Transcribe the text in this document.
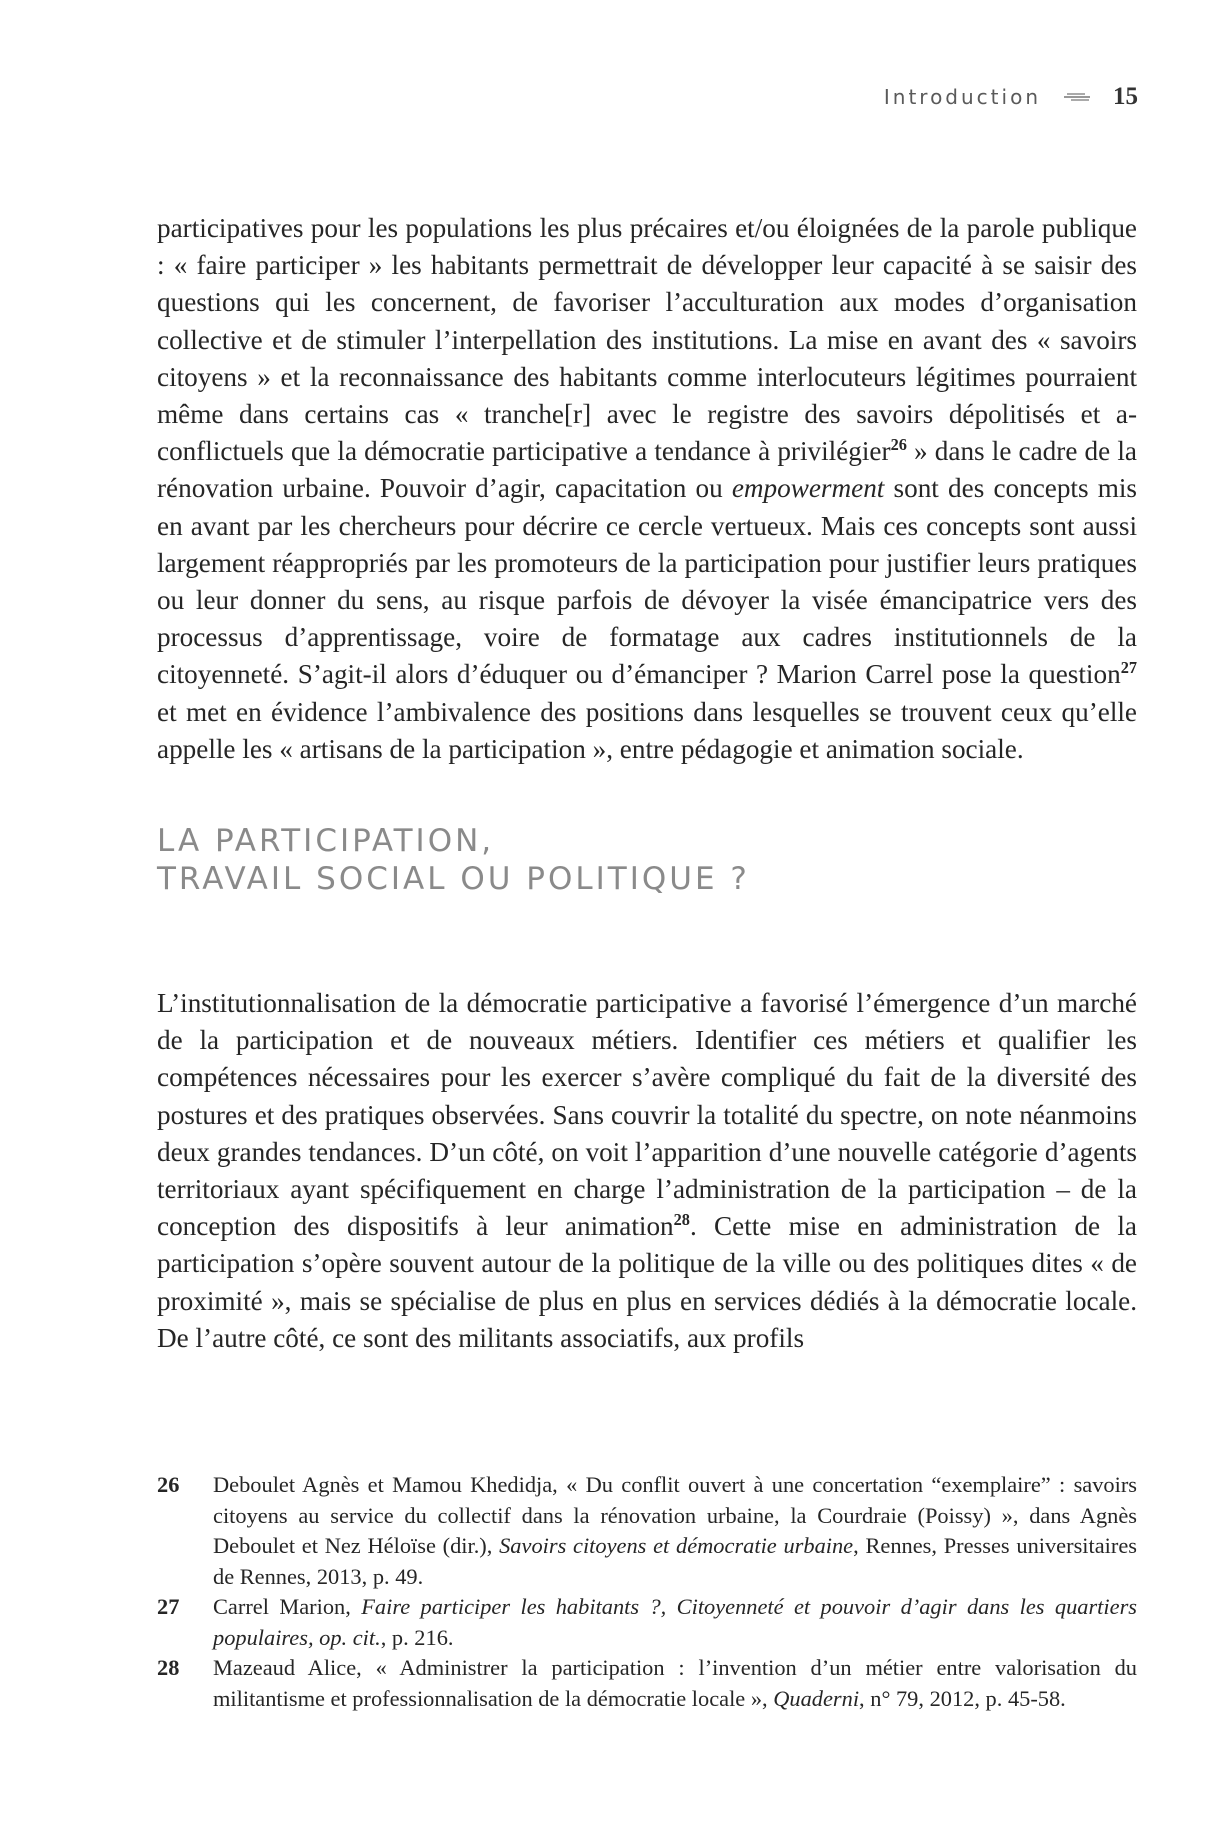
Introduction	15

participatives pour les populations les plus précaires et/ou éloignées de la parole publique : « faire participer » les habitants permettrait de développer leur capacité à se saisir des questions qui les concernent, de favoriser l’acculturation aux modes d’organisation collective et de stimuler l’interpellation des institutions. La mise en avant des « savoirs citoyens » et la reconnaissance des habitants comme interlocuteurs légitimes pourraient même dans certains cas « tranche[r] avec le registre des savoirs dépolitisés et a-conflictuels que la démocratie participative a tendance à privilégier$^{26}$ » dans le cadre de la rénovation urbaine. Pouvoir d’agir, capacitation ou empowerment sont des concepts mis en avant par les chercheurs pour décrire ce cercle vertueux. Mais ces concepts sont aussi largement réappropriés par les promoteurs de la participation pour justifier leurs pratiques ou leur donner du sens, au risque parfois de dévoyer la visée émancipatrice vers des processus d’apprentissage, voire de formatage aux cadres institutionnels de la citoyenneté. S’agit-il alors d’éduquer ou d’émanciper ? Marion Carrel pose la question$^{27}$ et met en évidence l’ambivalence des positions dans lesquelles se trouvent ceux qu’elle appelle les « artisans de la participation », entre pédagogie et animation sociale.

LA PARTICIPATION,
TRAVAIL SOCIAL OU POLITIQUE ?

L’institutionnalisation de la démocratie participative a favorisé l’émergence d’un marché de la participation et de nouveaux métiers. Identifier ces métiers et qualifier les compétences nécessaires pour les exercer s’avère compliqué du fait de la diversité des postures et des pratiques observées. Sans couvrir la totalité du spectre, on note néanmoins deux grandes tendances. D’un côté, on voit l’apparition d’une nouvelle catégorie d’agents territoriaux ayant spécifiquement en charge l’administration de la participation – de la conception des dispositifs à leur animation$^{28}$. Cette mise en administration de la participation s’opère souvent autour de la politique de la ville ou des politiques dites « de proximité », mais se spécialise de plus en plus en services dédiés à la démocratie locale. De l’autre côté, ce sont des militants associatifs, aux profils

26	Deboulet Agnès et Mamou Khedidja, « Du conflit ouvert à une concertation “exemplaire” : savoirs citoyens au service du collectif dans la rénovation urbaine, la Courdraie (Poissy) », dans Agnès Deboulet et Nez Héloïse (dir.), Savoirs citoyens et démocratie urbaine, Rennes, Presses universitaires de Rennes, 2013, p. 49.
27	Carrel Marion, Faire participer les habitants ?, Citoyenneté et pouvoir d’agir dans les quartiers populaires, op. cit., p. 216.
28	Mazeaud Alice, « Administrer la participation : l’invention d’un métier entre valorisation du militantisme et professionnalisation de la démocratie locale », Quaderni, n° 79, 2012, p. 45-58.
